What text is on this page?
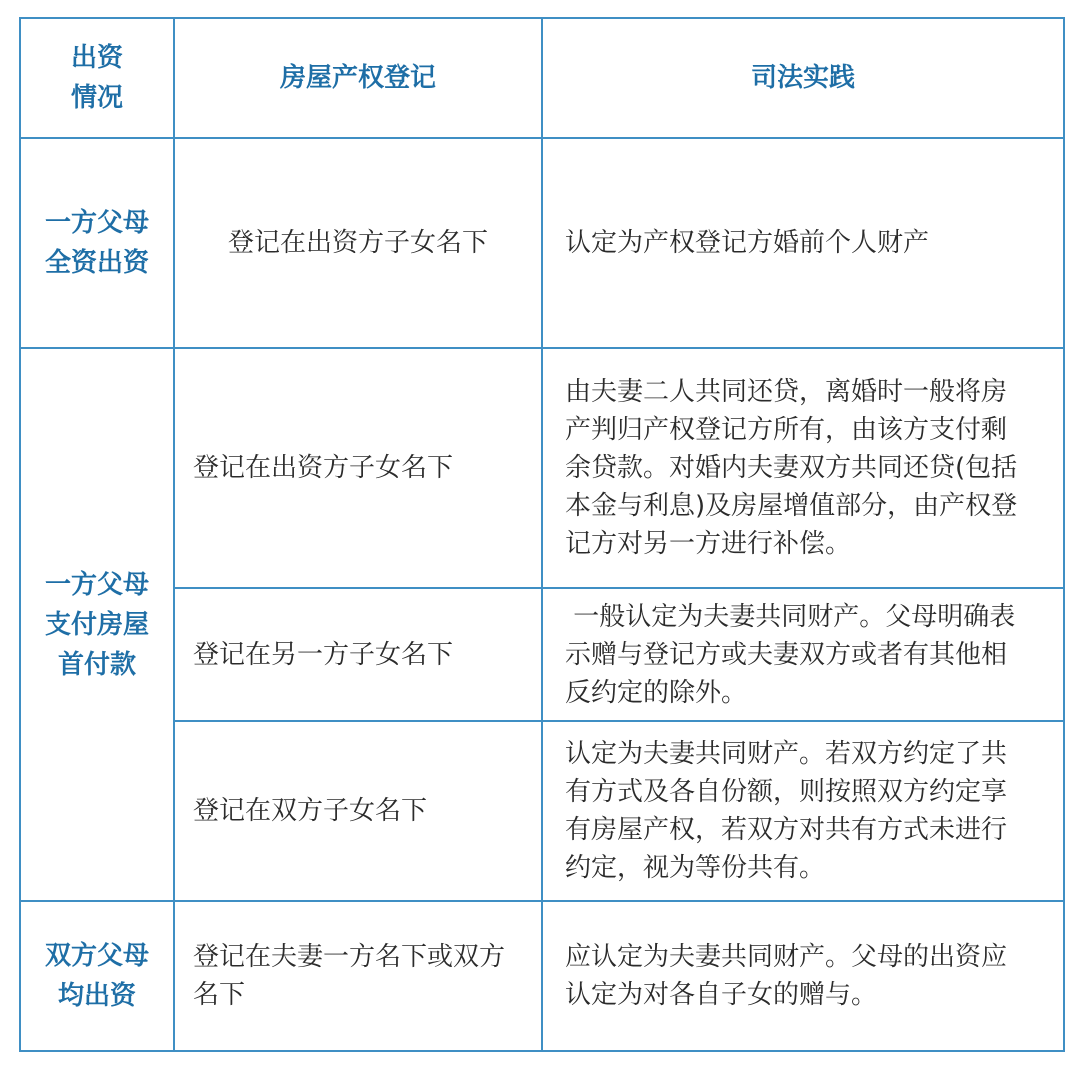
出资
情况	房屋产权登记	司法实践

一方父母
全资出资	登记在出资方子女名下	认定为产权登记方婚前个人财产

一方父母
支付房屋
首付款	登记在出资方子女名下	由夫妻二人共同还贷，离婚时一般将房
产判归产权登记方所有，由该方支付剩
余贷款。对婚内夫妻双方共同还贷(包括
本金与利息)及房屋增值部分，由产权登
记方对另一方进行补偿。

	登记在另一方子女名下	一般认定为夫妻共同财产。父母明确表
示赠与登记方或夫妻双方或者有其他相
反约定的除外。

	登记在双方子女名下	认定为夫妻共同财产。若双方约定了共
有方式及各自份额，则按照双方约定享
有房屋产权，若双方对共有方式未进行
约定，视为等份共有。

双方父母
均出资	登记在夫妻一方名下或双方
名下	应认定为夫妻共同财产。父母的出资应
认定为对各自子女的赠与。
